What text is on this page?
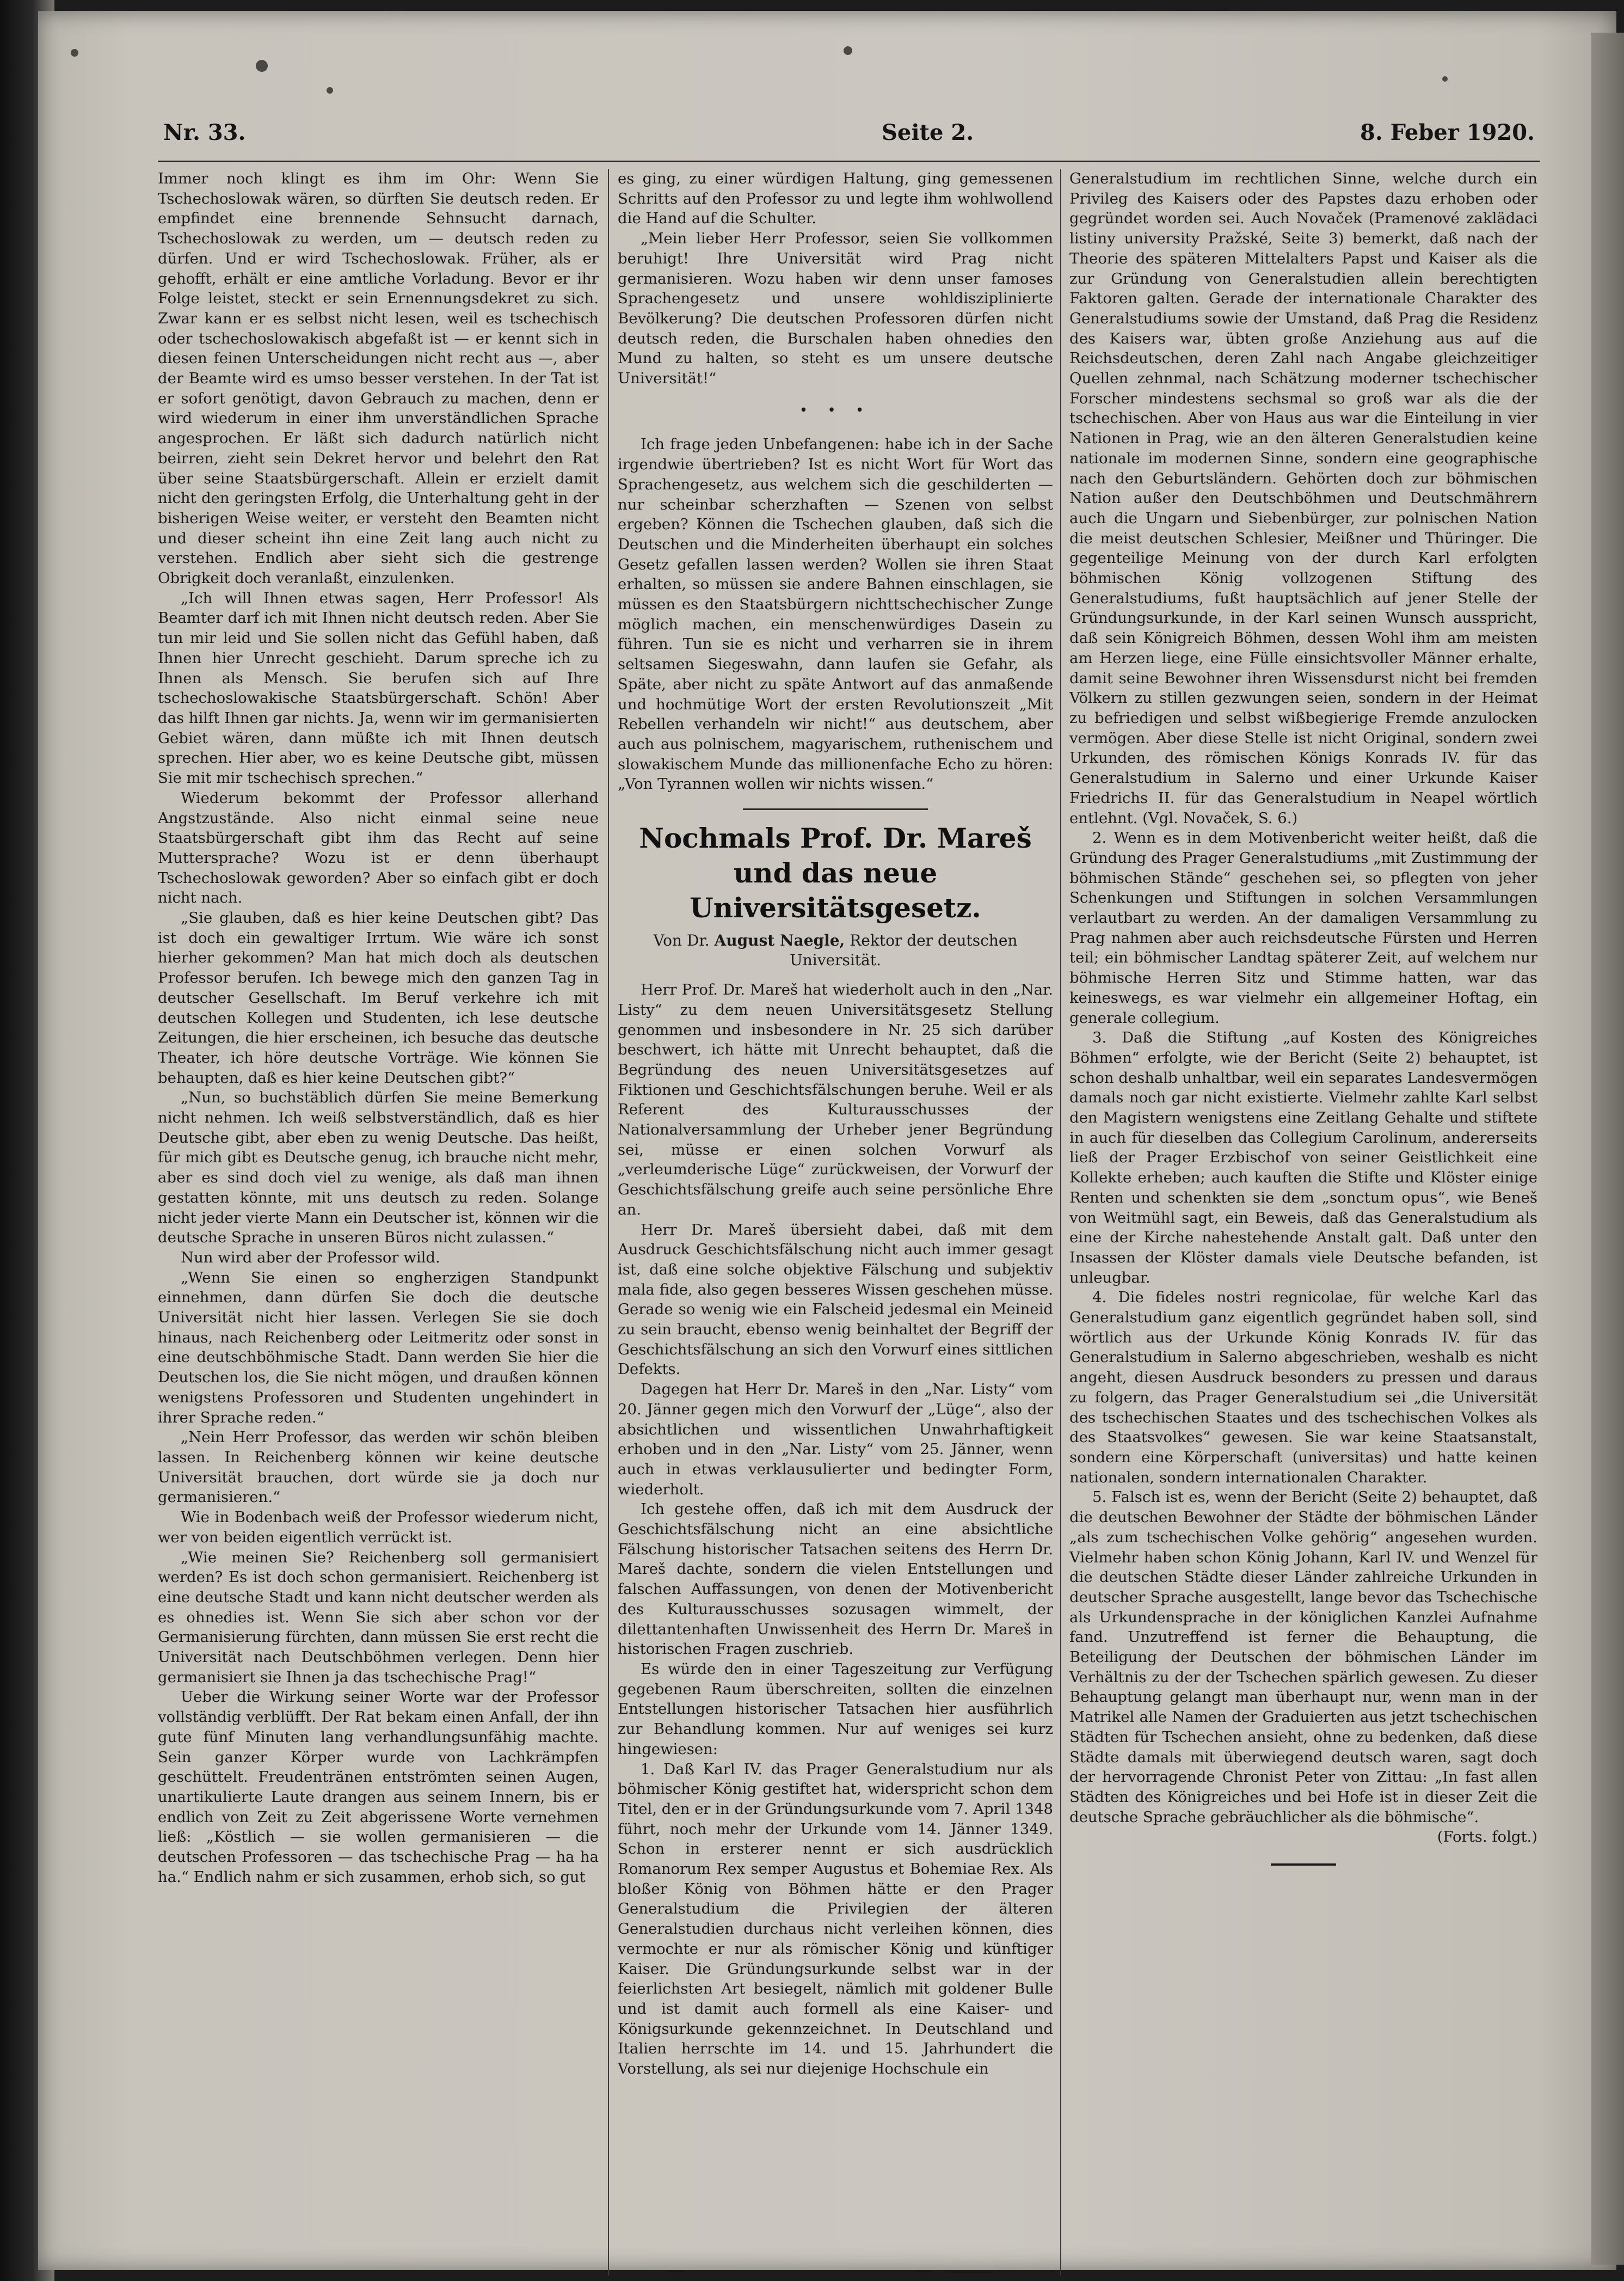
Nr. 33.	Seite 2.	8. Feber 1920.

Immer noch klingt es ihm im Ohr: Wenn Sie Tschechoslowak wären, so dürften Sie deutsch reden. Er empfindet eine brennende Sehnsucht darnach, Tschechoslowak zu werden, um — deutsch reden zu dürfen. Und er wird Tschechoslowak. Früher, als er gehofft, erhält er eine amtliche Vorladung. Bevor er ihr Folge leistet, steckt er sein Ernennungsdekret zu sich. Zwar kann er es selbst nicht lesen, weil es tschechisch oder tschechoslowakisch abgefaßt ist — er kennt sich in diesen feinen Unterscheidungen nicht recht aus —, aber der Beamte wird es umso besser verstehen. In der Tat ist er sofort genötigt, davon Gebrauch zu machen, denn er wird wiederum in einer ihm unverständlichen Sprache angesprochen. Er läßt sich dadurch natürlich nicht beirren, zieht sein Dekret hervor und belehrt den Rat über seine Staatsbürgerschaft. Allein er erzielt damit nicht den geringsten Erfolg, die Unterhaltung geht in der bisherigen Weise weiter, er versteht den Beamten nicht und dieser scheint ihn eine Zeit lang auch nicht zu verstehen. Endlich aber sieht sich die gestrenge Obrigkeit doch veranlaßt, einzulenken.

„Ich will Ihnen etwas sagen, Herr Professor! Als Beamter darf ich mit Ihnen nicht deutsch reden. Aber Sie tun mir leid und Sie sollen nicht das Gefühl haben, daß Ihnen hier Unrecht geschieht. Darum spreche ich zu Ihnen als Mensch. Sie berufen sich auf Ihre tschechoslowakische Staatsbürgerschaft. Schön! Aber das hilft Ihnen gar nichts. Ja, wenn wir im germanisierten Gebiet wären, dann müßte ich mit Ihnen deutsch sprechen. Hier aber, wo es keine Deutsche gibt, müssen Sie mit mir tschechisch sprechen.“

Wiederum bekommt der Professor allerhand Angstzustände. Also nicht einmal seine neue Staatsbürgerschaft gibt ihm das Recht auf seine Muttersprache? Wozu ist er denn überhaupt Tschechoslowak geworden? Aber so einfach gibt er doch nicht nach.

„Sie glauben, daß es hier keine Deutschen gibt? Das ist doch ein gewaltiger Irrtum. Wie wäre ich sonst hierher gekommen? Man hat mich doch als deutschen Professor berufen. Ich bewege mich den ganzen Tag in deutscher Gesellschaft. Im Beruf verkehre ich mit deutschen Kollegen und Studenten, ich lese deutsche Zeitungen, die hier erscheinen, ich besuche das deutsche Theater, ich höre deutsche Vorträge. Wie können Sie behaupten, daß es hier keine Deutschen gibt?“

„Nun, so buchstäblich dürfen Sie meine Bemerkung nicht nehmen. Ich weiß selbstverständlich, daß es hier Deutsche gibt, aber eben zu wenig Deutsche. Das heißt, für mich gibt es Deutsche genug, ich brauche nicht mehr, aber es sind doch viel zu wenige, als daß man ihnen gestatten könnte, mit uns deutsch zu reden. Solange nicht jeder vierte Mann ein Deutscher ist, können wir die deutsche Sprache in unseren Büros nicht zulassen.“

Nun wird aber der Professor wild.

„Wenn Sie einen so engherzigen Standpunkt einnehmen, dann dürfen Sie doch die deutsche Universität nicht hier lassen. Verlegen Sie sie doch hinaus, nach Reichenberg oder Leitmeritz oder sonst in eine deutschböhmische Stadt. Dann werden Sie hier die Deutschen los, die Sie nicht mögen, und draußen können wenigstens Professoren und Studenten ungehindert in ihrer Sprache reden.“

„Nein Herr Professor, das werden wir schön bleiben lassen. In Reichenberg können wir keine deutsche Universität brauchen, dort würde sie ja doch nur germanisieren.“

Wie in Bodenbach weiß der Professor wiederum nicht, wer von beiden eigentlich verrückt ist.

„Wie meinen Sie? Reichenberg soll germanisiert werden? Es ist doch schon germanisiert. Reichenberg ist eine deutsche Stadt und kann nicht deutscher werden als es ohnedies ist. Wenn Sie sich aber schon vor der Germanisierung fürchten, dann müssen Sie erst recht die Universität nach Deutschböhmen verlegen. Denn hier germanisiert sie Ihnen ja das tschechische Prag!“

Ueber die Wirkung seiner Worte war der Professor vollständig verblüfft. Der Rat bekam einen Anfall, der ihn gute fünf Minuten lang verhandlungsunfähig machte. Sein ganzer Körper wurde von Lachkrämpfen geschüttelt. Freudentränen entströmten seinen Augen, unartikulierte Laute drangen aus seinem Innern, bis er endlich von Zeit zu Zeit abgerissene Worte vernehmen ließ: „Köstlich — sie wollen germanisieren — die deutschen Professoren — das tschechische Prag — ha ha ha.“ Endlich nahm er sich zusammen, erhob sich, so gut

es ging, zu einer würdigen Haltung, ging gemessenen Schritts auf den Professor zu und legte ihm wohlwollend die Hand auf die Schulter.

„Mein lieber Herr Professor, seien Sie vollkommen beruhigt! Ihre Universität wird Prag nicht germanisieren. Wozu haben wir denn unser famoses Sprachengesetz und unsere wohldisziplinierte Bevölkerung? Die deutschen Professoren dürfen nicht deutsch reden, die Burschalen haben ohnedies den Mund zu halten, so steht es um unsere deutsche Universität!“

• • •

Ich frage jeden Unbefangenen: habe ich in der Sache irgendwie übertrieben? Ist es nicht Wort für Wort das Sprachengesetz, aus welchem sich die geschilderten — nur scheinbar scherzhaften — Szenen von selbst ergeben? Können die Tschechen glauben, daß sich die Deutschen und die Minderheiten überhaupt ein solches Gesetz gefallen lassen werden? Wollen sie ihren Staat erhalten, so müssen sie andere Bahnen einschlagen, sie müssen es den Staatsbürgern nichttschechischer Zunge möglich machen, ein menschenwürdiges Dasein zu führen. Tun sie es nicht und verharren sie in ihrem seltsamen Siegeswahn, dann laufen sie Gefahr, als Späte, aber nicht zu späte Antwort auf das anmaßende und hochmütige Wort der ersten Revolutionszeit „Mit Rebellen verhandeln wir nicht!“ aus deutschem, aber auch aus polnischem, magyarischem, ruthenischem und slowakischem Munde das millionenfache Echo zu hören: „Von Tyrannen wollen wir nichts wissen.“

Nochmals Prof. Dr. Mareš
und das neue Universitätsgesetz.
Von Dr. August Naegle, Rektor der deutschen
Universität.

Herr Prof. Dr. Mareš hat wiederholt auch in den „Nar. Listy“ zu dem neuen Universitätsgesetz Stellung genommen und insbesondere in Nr. 25 sich darüber beschwert, ich hätte mit Unrecht behauptet, daß die Begründung des neuen Universitätsgesetzes auf Fiktionen und Geschichtsfälschungen beruhe. Weil er als Referent des Kulturausschusses der Nationalversammlung der Urheber jener Begründung sei, müsse er einen solchen Vorwurf als „verleumderische Lüge“ zurückweisen, der Vorwurf der Geschichtsfälschung greife auch seine persönliche Ehre an.

Herr Dr. Mareš übersieht dabei, daß mit dem Ausdruck Geschichtsfälschung nicht auch immer gesagt ist, daß eine solche objektive Fälschung und subjektiv mala fide, also gegen besseres Wissen geschehen müsse. Gerade so wenig wie ein Falscheid jedesmal ein Meineid zu sein braucht, ebenso wenig beinhaltet der Begriff der Geschichtsfälschung an sich den Vorwurf eines sittlichen Defekts.

Dagegen hat Herr Dr. Mareš in den „Nar. Listy“ vom 20. Jänner gegen mich den Vorwurf der „Lüge“, also der absichtlichen und wissentlichen Unwahrhaftigkeit erhoben und in den „Nar. Listy“ vom 25. Jänner, wenn auch in etwas verklausulierter und bedingter Form, wiederholt.

Ich gestehe offen, daß ich mit dem Ausdruck der Geschichtsfälschung nicht an eine absichtliche Fälschung historischer Tatsachen seitens des Herrn Dr. Mareš dachte, sondern die vielen Entstellungen und falschen Auffassungen, von denen der Motivenbericht des Kulturausschusses sozusagen wimmelt, der dilettantenhaften Unwissenheit des Herrn Dr. Mareš in historischen Fragen zuschrieb.

Es würde den in einer Tageszeitung zur Verfügung gegebenen Raum überschreiten, sollten die einzelnen Entstellungen historischer Tatsachen hier ausführlich zur Behandlung kommen. Nur auf weniges sei kurz hingewiesen:

1. Daß Karl IV. das Prager Generalstudium nur als böhmischer König gestiftet hat, widerspricht schon dem Titel, den er in der Gründungsurkunde vom 7. April 1348 führt, noch mehr der Urkunde vom 14. Jänner 1349. Schon in ersterer nennt er sich ausdrücklich Romanorum Rex semper Augustus et Bohemiae Rex. Als bloßer König von Böhmen hätte er den Prager Generalstudium die Privilegien der älteren Generalstudien durchaus nicht verleihen können, dies vermochte er nur als römischer König und künftiger Kaiser. Die Gründungsurkunde selbst war in der feierlichsten Art besiegelt, nämlich mit goldener Bulle und ist damit auch formell als eine Kaiser- und Königsurkunde gekennzeichnet. In Deutschland und Italien herrschte im 14. und 15. Jahrhundert die Vorstellung, als sei nur diejenige Hochschule ein

Generalstudium im rechtlichen Sinne, welche durch ein Privileg des Kaisers oder des Papstes dazu erhoben oder gegründet worden sei. Auch Novaček (Pramenové zaklädaci listiny university Pražské, Seite 3) bemerkt, daß nach der Theorie des späteren Mittelalters Papst und Kaiser als die zur Gründung von Generalstudien allein berechtigten Faktoren galten. Gerade der internationale Charakter des Generalstudiums sowie der Umstand, daß Prag die Residenz des Kaisers war, übten große Anziehung aus auf die Reichsdeutschen, deren Zahl nach Angabe gleichzeitiger Quellen zehnmal, nach Schätzung moderner tschechischer Forscher mindestens sechsmal so groß war als die der tschechischen. Aber von Haus aus war die Einteilung in vier Nationen in Prag, wie an den älteren Generalstudien keine nationale im modernen Sinne, sondern eine geographische nach den Geburtsländern. Gehörten doch zur böhmischen Nation außer den Deutschböhmen und Deutschmährern auch die Ungarn und Siebenbürger, zur polnischen Nation die meist deutschen Schlesier, Meißner und Thüringer. Die gegenteilige Meinung von der durch Karl erfolgten böhmischen König vollzogenen Stiftung des Generalstudiums, fußt hauptsächlich auf jener Stelle der Gründungsurkunde, in der Karl seinen Wunsch ausspricht, daß sein Königreich Böhmen, dessen Wohl ihm am meisten am Herzen liege, eine Fülle einsichtsvoller Männer erhalte, damit seine Bewohner ihren Wissensdurst nicht bei fremden Völkern zu stillen gezwungen seien, sondern in der Heimat zu befriedigen und selbst wißbegierige Fremde anzulocken vermögen. Aber diese Stelle ist nicht Original, sondern zwei Urkunden, des römischen Königs Konrads IV. für das Generalstudium in Salerno und einer Urkunde Kaiser Friedrichs II. für das Generalstudium in Neapel wörtlich entlehnt. (Vgl. Novaček, S. 6.)

2. Wenn es in dem Motivenbericht weiter heißt, daß die Gründung des Prager Generalstudiums „mit Zustimmung der böhmischen Stände“ geschehen sei, so pflegten von jeher Schenkungen und Stiftungen in solchen Versammlungen verlautbart zu werden. An der damaligen Versammlung zu Prag nahmen aber auch reichsdeutsche Fürsten und Herren teil; ein böhmischer Landtag späterer Zeit, auf welchem nur böhmische Herren Sitz und Stimme hatten, war das keineswegs, es war vielmehr ein allgemeiner Hoftag, ein generale collegium.

3. Daß die Stiftung „auf Kosten des Königreiches Böhmen“ erfolgte, wie der Bericht (Seite 2) behauptet, ist schon deshalb unhaltbar, weil ein separates Landesvermögen damals noch gar nicht existierte. Vielmehr zahlte Karl selbst den Magistern wenigstens eine Zeitlang Gehalte und stiftete in auch für dieselben das Collegium Carolinum, andererseits ließ der Prager Erzbischof von seiner Geistlichkeit eine Kollekte erheben; auch kauften die Stifte und Klöster einige Renten und schenkten sie dem „sonctum opus“, wie Beneš von Weitmühl sagt, ein Beweis, daß das Generalstudium als eine der Kirche nahestehende Anstalt galt. Daß unter den Insassen der Klöster damals viele Deutsche befanden, ist unleugbar.

4. Die fideles nostri regnicolae, für welche Karl das Generalstudium ganz eigentlich gegründet haben soll, sind wörtlich aus der Urkunde König Konrads IV. für das Generalstudium in Salerno abgeschrieben, weshalb es nicht angeht, diesen Ausdruck besonders zu pressen und daraus zu folgern, das Prager Generalstudium sei „die Universität des tschechischen Staates und des tschechischen Volkes als des Staatsvolkes“ gewesen. Sie war keine Staatsanstalt, sondern eine Körperschaft (universitas) und hatte keinen nationalen, sondern internationalen Charakter.

5. Falsch ist es, wenn der Bericht (Seite 2) behauptet, daß die deutschen Bewohner der Städte der böhmischen Länder „als zum tschechischen Volke gehörig“ angesehen wurden. Vielmehr haben schon König Johann, Karl IV. und Wenzel für die deutschen Städte dieser Länder zahlreiche Urkunden in deutscher Sprache ausgestellt, lange bevor das Tschechische als Urkundensprache in der königlichen Kanzlei Aufnahme fand. Unzutreffend ist ferner die Behauptung, die Beteiligung der Deutschen der böhmischen Länder im Verhältnis zu der der Tschechen spärlich gewesen. Zu dieser Behauptung gelangt man überhaupt nur, wenn man in der Matrikel alle Namen der Graduierten aus jetzt tschechischen Städten für Tschechen ansieht, ohne zu bedenken, daß diese Städte damals mit überwiegend deutsch waren, sagt doch der hervorragende Chronist Peter von Zittau: „In fast allen Städten des Königreiches und bei Hofe ist in dieser Zeit die deutsche Sprache gebräuchlicher als die böhmische“.

(Forts. folgt.)
